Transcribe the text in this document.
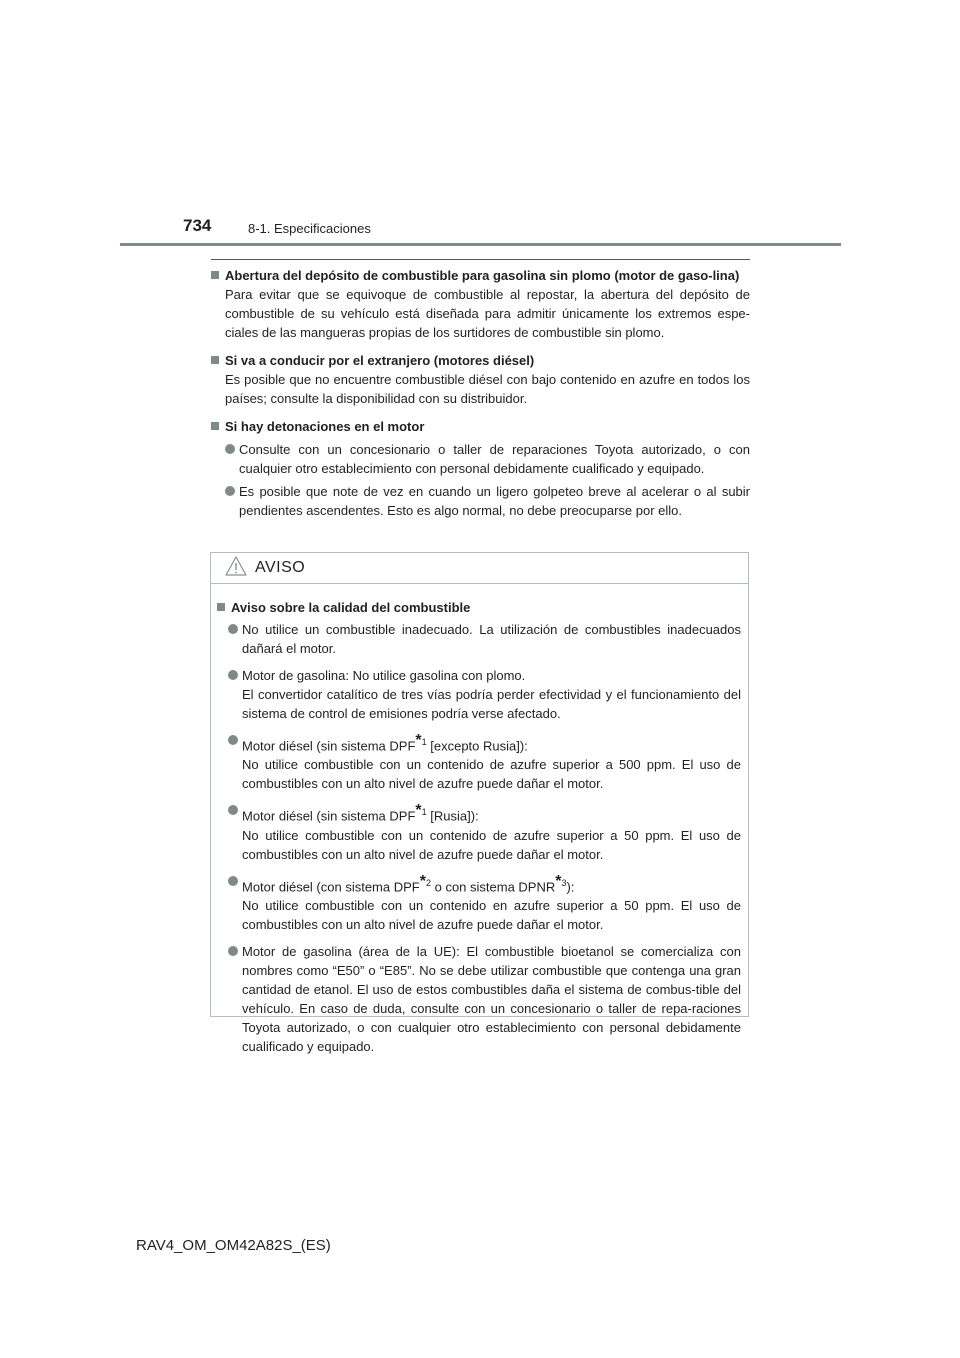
734	8-1. Especificaciones
Abertura del depósito de combustible para gasolina sin plomo (motor de gaso-lina)
Para evitar que se equivoque de combustible al repostar, la abertura del depósito de combustible de su vehículo está diseñada para admitir únicamente los extremos espe-ciales de las mangueras propias de los surtidores de combustible sin plomo.
Si va a conducir por el extranjero (motores diésel)
Es posible que no encuentre combustible diésel con bajo contenido en azufre en todos los países; consulte la disponibilidad con su distribuidor.
Si hay detonaciones en el motor
Consulte con un concesionario o taller de reparaciones Toyota autorizado, o con cualquier otro establecimiento con personal debidamente cualificado y equipado.
Es posible que note de vez en cuando un ligero golpeteo breve al acelerar o al subir pendientes ascendentes. Esto es algo normal, no debe preocuparse por ello.
AVISO
Aviso sobre la calidad del combustible
No utilice un combustible inadecuado. La utilización de combustibles inadecuados dañará el motor.
Motor de gasolina: No utilice gasolina con plomo.
El convertidor catalítico de tres vías podría perder efectividad y el funcionamiento del sistema de control de emisiones podría verse afectado.
Motor diésel (sin sistema DPF$^{*1}$ [excepto Rusia]):
No utilice combustible con un contenido de azufre superior a 500 ppm. El uso de combustibles con un alto nivel de azufre puede dañar el motor.
Motor diésel (sin sistema DPF$^{*1}$ [Rusia]):
No utilice combustible con un contenido de azufre superior a 50 ppm. El uso de combustibles con un alto nivel de azufre puede dañar el motor.
Motor diésel (con sistema DPF$^{*2}$ o con sistema DPNR$^{*3}$):
No utilice combustible con un contenido en azufre superior a 50 ppm. El uso de combustibles con un alto nivel de azufre puede dañar el motor.
Motor de gasolina (área de la UE): El combustible bioetanol se comercializa con nombres como “E50” o “E85”. No se debe utilizar combustible que contenga una gran cantidad de etanol. El uso de estos combustibles daña el sistema de combus-tible del vehículo. En caso de duda, consulte con un concesionario o taller de repa-raciones Toyota autorizado, o con cualquier otro establecimiento con personal debidamente cualificado y equipado.
RAV4_OM_OM42A82S_(ES)
